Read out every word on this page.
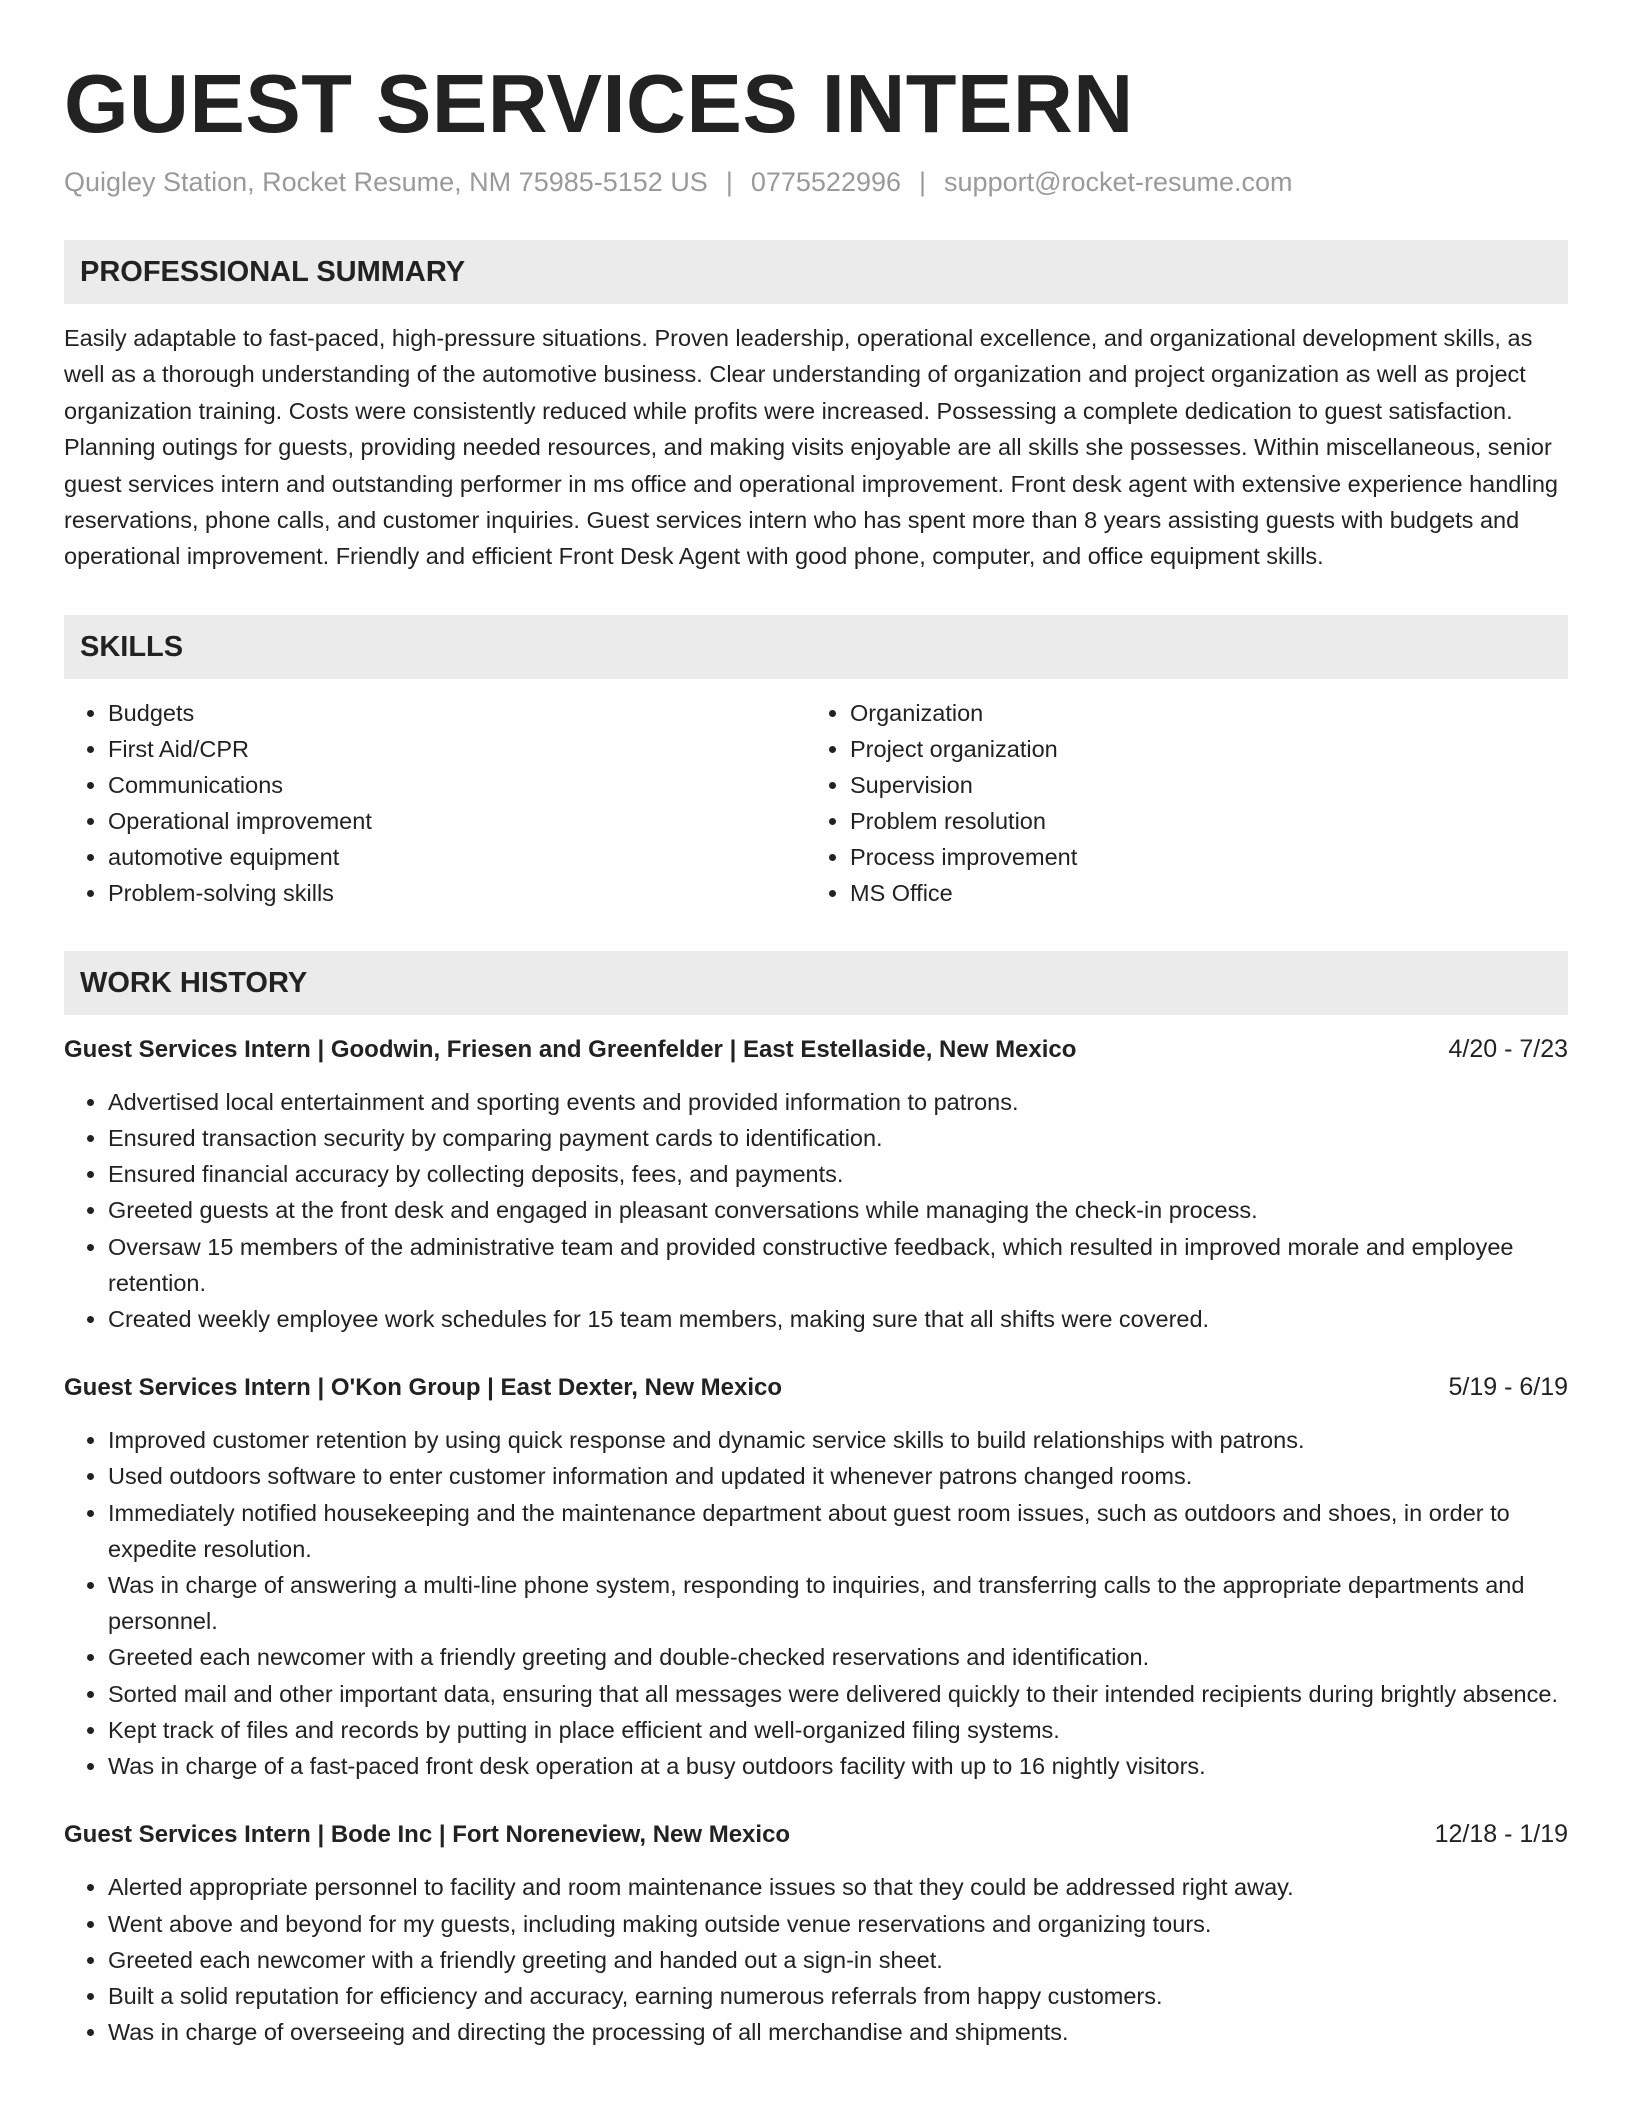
GUEST SERVICES INTERN
Quigley Station, Rocket Resume, NM 75985-5152 US | 0775522996 | support@rocket-resume.com
PROFESSIONAL SUMMARY

Easily adaptable to fast-paced, high-pressure situations. Proven leadership, operational excellence, and organizational development skills, as well as a thorough understanding of the automotive business. Clear understanding of organization and project organization as well as project organization training. Costs were consistently reduced while profits were increased. Possessing a complete dedication to guest satisfaction. Planning outings for guests, providing needed resources, and making visits enjoyable are all skills she possesses. Within miscellaneous, senior guest services intern and outstanding performer in ms office and operational improvement. Front desk agent with extensive experience handling reservations, phone calls, and customer inquiries. Guest services intern who has spent more than 8 years assisting guests with budgets and operational improvement. Friendly and efficient Front Desk Agent with good phone, computer, and office equipment skills.

SKILLS
• Budgets
• First Aid/CPR
• Communications
• Operational improvement
• automotive equipment
• Problem-solving skills
• Organization
• Project organization
• Supervision
• Problem resolution
• Process improvement
• MS Office
WORK HISTORY
Guest Services Intern | Goodwin, Friesen and Greenfelder | East Estellaside, New Mexico	4/20 - 7/23
• Advertised local entertainment and sporting events and provided information to patrons.
• Ensured transaction security by comparing payment cards to identification.
• Ensured financial accuracy by collecting deposits, fees, and payments.
• Greeted guests at the front desk and engaged in pleasant conversations while managing the check-in process.
• Oversaw 15 members of the administrative team and provided constructive feedback, which resulted in improved morale and employee retention.
• Created weekly employee work schedules for 15 team members, making sure that all shifts were covered.
Guest Services Intern | O'Kon Group | East Dexter, New Mexico	5/19 - 6/19
• Improved customer retention by using quick response and dynamic service skills to build relationships with patrons.
• Used outdoors software to enter customer information and updated it whenever patrons changed rooms.
• Immediately notified housekeeping and the maintenance department about guest room issues, such as outdoors and shoes, in order to expedite resolution.
• Was in charge of answering a multi-line phone system, responding to inquiries, and transferring calls to the appropriate departments and personnel.
• Greeted each newcomer with a friendly greeting and double-checked reservations and identification.
• Sorted mail and other important data, ensuring that all messages were delivered quickly to their intended recipients during brightly absence.
• Kept track of files and records by putting in place efficient and well-organized filing systems.
• Was in charge of a fast-paced front desk operation at a busy outdoors facility with up to 16 nightly visitors.
Guest Services Intern | Bode Inc | Fort Noreneview, New Mexico	12/18 - 1/19
• Alerted appropriate personnel to facility and room maintenance issues so that they could be addressed right away.
• Went above and beyond for my guests, including making outside venue reservations and organizing tours.
• Greeted each newcomer with a friendly greeting and handed out a sign-in sheet.
• Built a solid reputation for efficiency and accuracy, earning numerous referrals from happy customers.
• Was in charge of overseeing and directing the processing of all merchandise and shipments.
